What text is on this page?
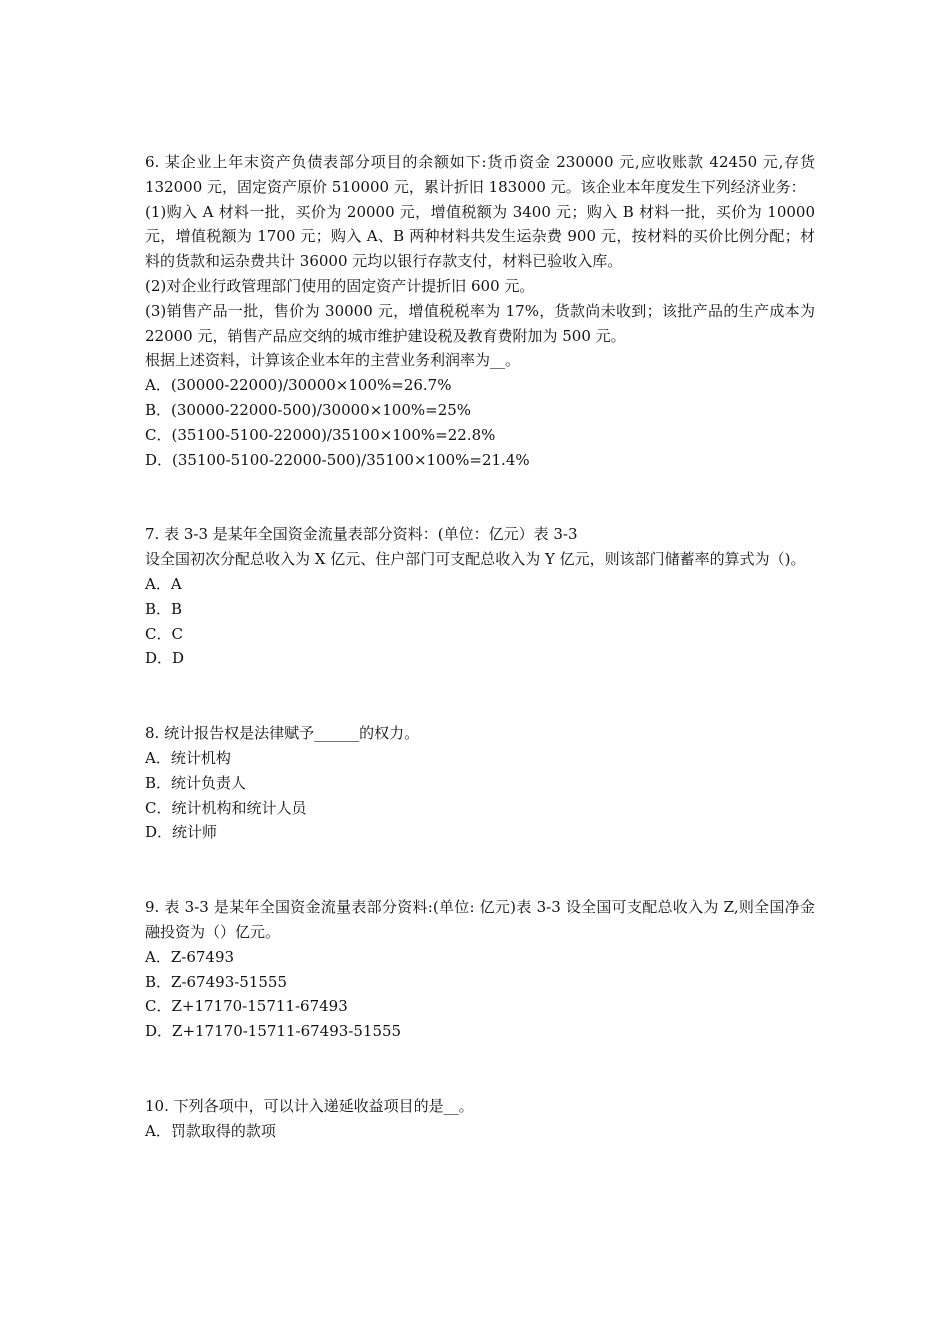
6. 某企业上年末资产负债表部分项目的余额如下:货币资金 230000 元,应收账款 42450 元,存货 132000 元，固定资产原价 510000 元，累计折旧 183000 元。该企业本年度发生下列经济业务：
(1)购入 A 材料一批，买价为 20000 元，增值税额为 3400 元；购入 B 材料一批，买价为 10000 元，增值税额为 1700 元；购入 A、B 两种材料共发生运杂费 900 元，按材料的买价比例分配；材料的货款和运杂费共计 36000 元均以银行存款支付，材料已验收入库。
(2)对企业行政管理部门使用的固定资产计提折旧 600 元。
(3)销售产品一批，售价为 30000 元，增值税税率为 17%，货款尚未收到；该批产品的生产成本为 22000 元，销售产品应交纳的城市维护建设税及教育费附加为 500 元。
根据上述资料，计算该企业本年的主营业务利润率为__。
A．(30000-22000)/30000×100%=26.7%
B．(30000-22000-500)/30000×100%=25%
C．(35100-5100-22000)/35100×100%=22.8%
D．(35100-5100-22000-500)/35100×100%=21.4%
7. 表 3-3 是某年全国资金流量表部分资料：(单位：亿元）表 3-3
设全国初次分配总收入为 X 亿元、住户部门可支配总收入为 Y 亿元，则该部门储蓄率的算式为（)。
A．A
B．B
C．C
D．D
8. 统计报告权是法律赋予______的权力。
A．统计机构
B．统计负责人
C．统计机构和统计人员
D．统计师
9. 表 3-3 是某年全国资金流量表部分资料:(单位: 亿元)表 3-3 设全国可支配总收入为 Z,则全国净金融投资为（）亿元。
A．Z-67493
B．Z-67493-51555
C．Z+17170-15711-67493
D．Z+17170-15711-67493-51555
10. 下列各项中，可以计入递延收益项目的是__。
A．罚款取得的款项
